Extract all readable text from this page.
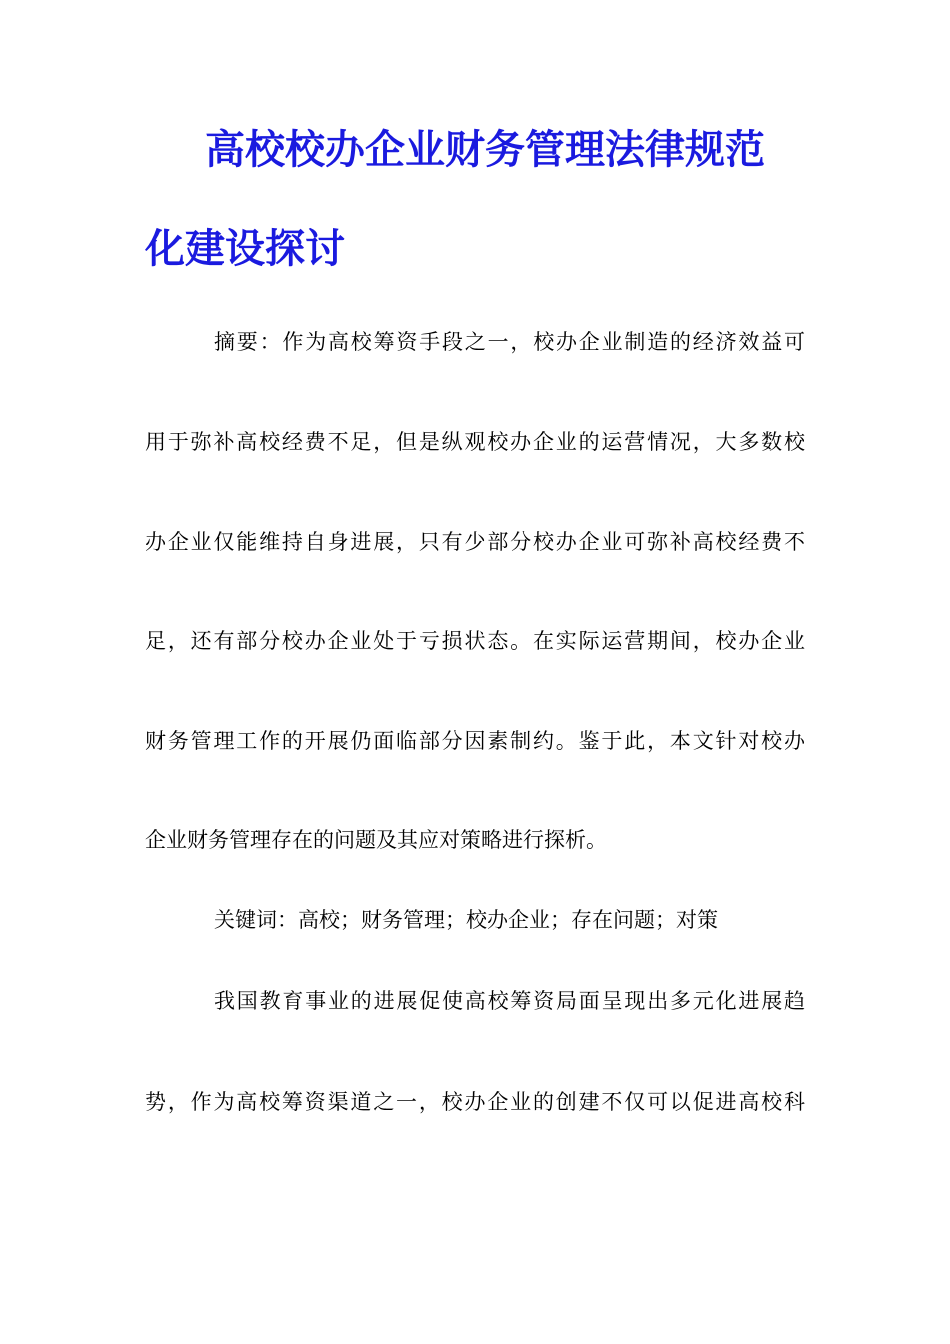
高校校办企业财务管理法律规范
化建设探讨
摘要：作为高校筹资手段之一，校办企业制造的经济效益可
用于弥补高校经费不足，但是纵观校办企业的运营情况，大多数校
办企业仅能维持自身进展，只有少部分校办企业可弥补高校经费不
足，还有部分校办企业处于亏损状态。在实际运营期间，校办企业
财务管理工作的开展仍面临部分因素制约。鉴于此，本文针对校办
企业财务管理存在的问题及其应对策略进行探析。
关键词：高校；财务管理；校办企业；存在问题；对策
我国教育事业的进展促使高校筹资局面呈现出多元化进展趋
势，作为高校筹资渠道之一，校办企业的创建不仅可以促进高校科
